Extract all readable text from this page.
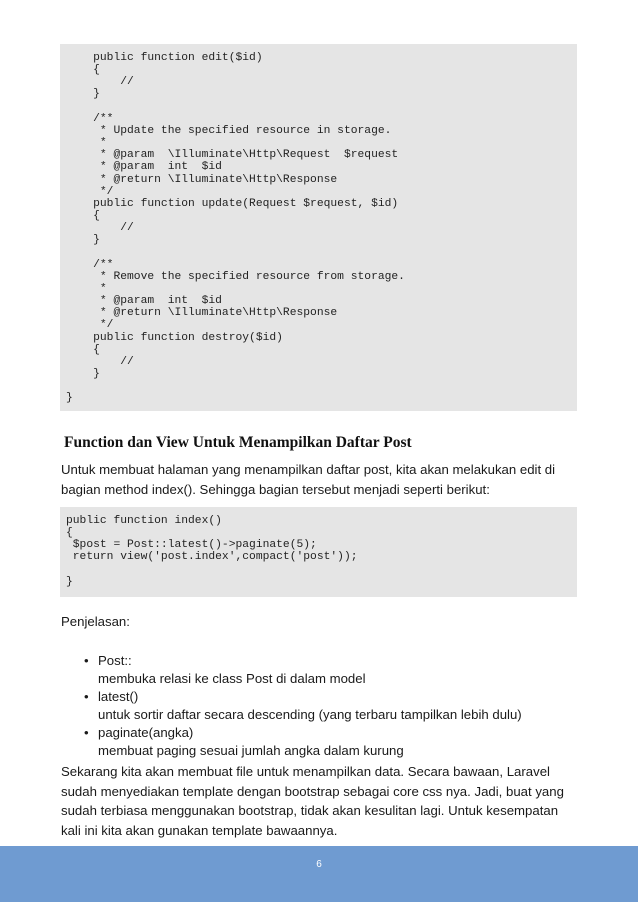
public function edit($id)
{
//
}

/**
* Update the specified resource in storage.
*
* @param  \Illuminate\Http\Request  $request
* @param  int  $id
* @return \Illuminate\Http\Response
*/
public function update(Request $request, $id)
{
//
}

/**
* Remove the specified resource from storage.
*
* @param  int  $id
* @return \Illuminate\Http\Response
*/
public function destroy($id)
{
//
}

}
Function dan View Untuk Menampilkan Daftar Post

Untuk membuat halaman yang menampilkan daftar post, kita akan melakukan edit di bagian method index(). Sehingga bagian tersebut menjadi seperti berikut:

public function index()
{
$post = Post::latest()->paginate(5);
return view('post.index',compact('post'));

}

Penjelasan:

• Post::
membuka relasi ke class Post di dalam model
• latest()
untuk sortir daftar secara descending (yang terbaru tampilkan lebih dulu)
• paginate(angka)
membuat paging sesuai jumlah angka dalam kurung

Sekarang kita akan membuat file untuk menampilkan data. Secara bawaan, Laravel sudah menyediakan template dengan bootstrap sebagai core css nya. Jadi, buat yang sudah terbiasa menggunakan bootstrap, tidak akan kesulitan lagi. Untuk kesempatan kali ini kita akan gunakan template bawaannya.

6
